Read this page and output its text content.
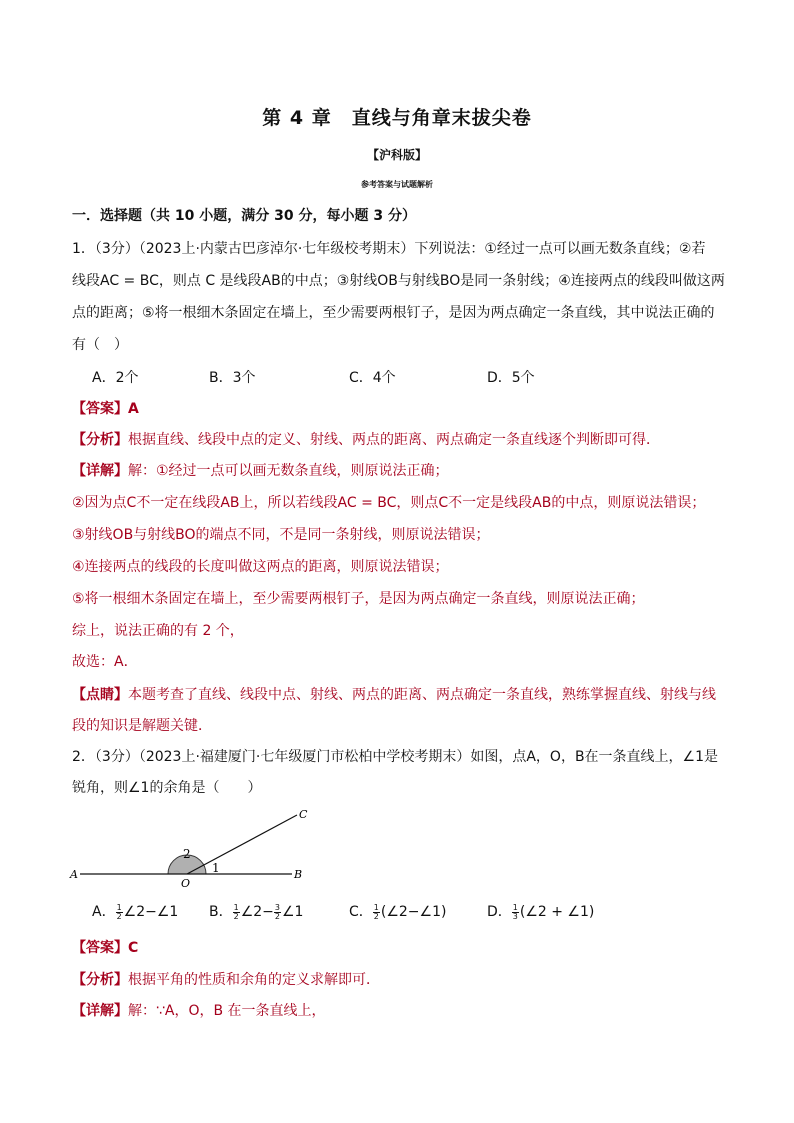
第 4 章　直线与角章末拔尖卷
【沪科版】
参考答案与试题解析
一．选择题（共 10 小题，满分 30 分，每小题 3 分）
1．（3分）（2023上·内蒙古巴彦淖尔·七年级校考期末）下列说法：①经过一点可以画无数条直线；②若
线段AC = BC，则点 C 是线段AB的中点；③射线OB与射线BO是同一条射线；④连接两点的线段叫做这两
点的距离；⑤将一根细木条固定在墙上，至少需要两根钉子，是因为两点确定一条直线，其中说法正确的
有（　）
A．2个	B．3个	C．4个	D．5个
【答案】A
【分析】根据直线、线段中点的定义、射线、两点的距离、两点确定一条直线逐个判断即可得．
【详解】解：①经过一点可以画无数条直线，则原说法正确；
②因为点C不一定在线段AB上，所以若线段AC = BC，则点C不一定是线段AB的中点，则原说法错误；
③射线OB与射线BO的端点不同，不是同一条射线，则原说法错误；
④连接两点的线段的长度叫做这两点的距离，则原说法错误；
⑤将一根细木条固定在墙上，至少需要两根钉子，是因为两点确定一条直线，则原说法正确；
综上，说法正确的有 2 个，
故选：A．
【点睛】本题考查了直线、线段中点、射线、两点的距离、两点确定一条直线，熟练掌握直线、射线与线
段的知识是解题关键．
2．（3分）（2023上·福建厦门·七年级厦门市松柏中学校考期末）如图，点A，O，B在一条直线上，∠1是
锐角，则∠1的余角是（　　）
A
O
B
C
1
2
A． $\frac{1}{2}$ ∠2−∠1 B． $\frac{1}{2}$ ∠2− $\frac{3}{2}$ ∠1	C． $\frac{1}{2}$ (∠2−∠1)	D． $\frac{1}{3}$ (∠2 + ∠1)
【答案】C
【分析】根据平角的性质和余角的定义求解即可．
【详解】解：∵A，O，B 在一条直线上，
